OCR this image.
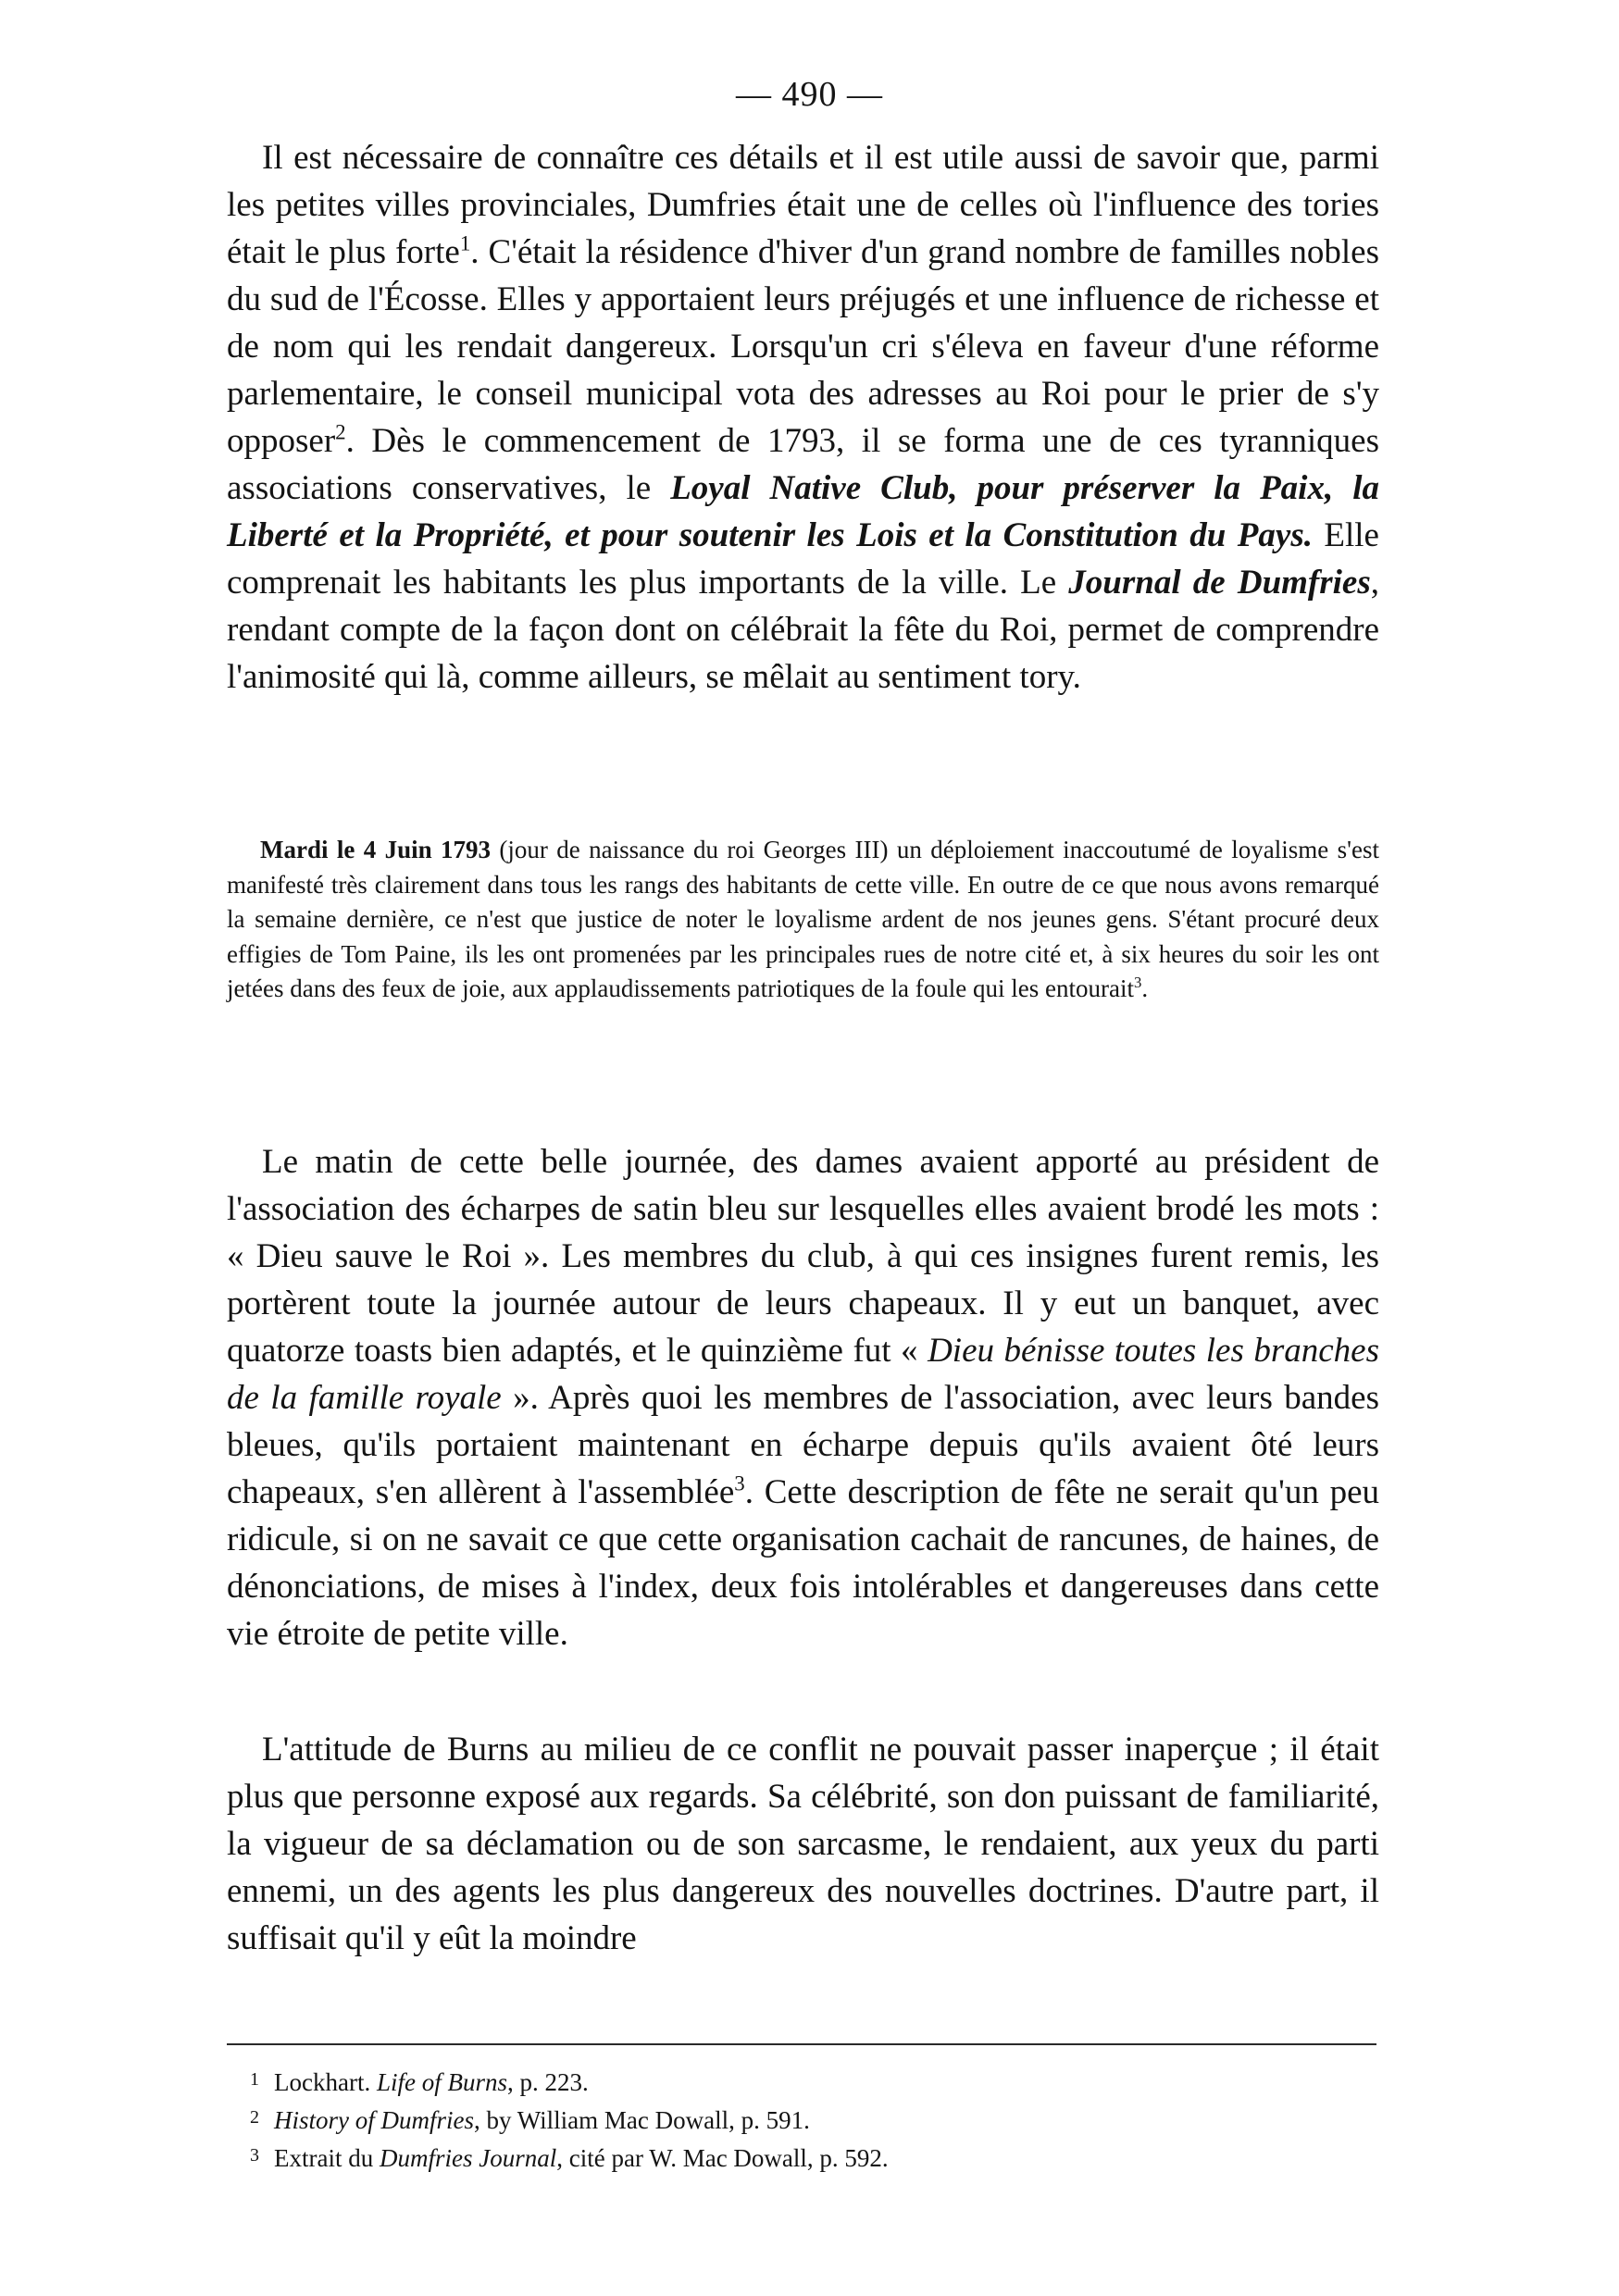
— 490 —

Il est nécessaire de connaître ces détails et il est utile aussi de savoir que, parmi les petites villes provinciales, Dumfries était une de celles où l'influence des tories était le plus forte$^1$. C'était la résidence d'hiver d'un grand nombre de familles nobles du sud de l'Écosse. Elles y apportaient leurs préjugés et une influence de richesse et de nom qui les rendait dangereux. Lorsqu'un cri s'éleva en faveur d'une réforme parlementaire, le conseil municipal vota des adresses au Roi pour le prier de s'y opposer$^2$. Dès le commencement de 1793, il se forma une de ces tyranniques associations conservatives, le Loyal Native Club, pour préserver la Paix, la Liberté et la Propriété, et pour soutenir les Lois et la Constitution du Pays. Elle comprenait les habitants les plus importants de la ville. Le Journal de Dumfries, rendant compte de la façon dont on célébrait la fête du Roi, permet de comprendre l'animosité qui là, comme ailleurs, se mêlait au sentiment tory.

Mardi le 4 Juin 1793 (jour de naissance du roi Georges III) un déploiement inaccoutumé de loyalisme s'est manifesté très clairement dans tous les rangs des habitants de cette ville. En outre de ce que nous avons remarqué la semaine dernière, ce n'est que justice de noter le loyalisme ardent de nos jeunes gens. S'étant procuré deux effigies de Tom Paine, ils les ont promenées par les principales rues de notre cité et, à six heures du soir les ont jetées dans des feux de joie, aux applaudissements patriotiques de la foule qui les entourait$^3$.

Le matin de cette belle journée, des dames avaient apporté au président de l'association des écharpes de satin bleu sur lesquelles elles avaient brodé les mots : « Dieu sauve le Roi ». Les membres du club, à qui ces insignes furent remis, les portèrent toute la journée autour de leurs chapeaux. Il y eut un banquet, avec quatorze toasts bien adaptés, et le quinzième fut « Dieu bénisse toutes les branches de la famille royale ». Après quoi les membres de l'association, avec leurs bandes bleues, qu'ils portaient maintenant en écharpe depuis qu'ils avaient ôté leurs chapeaux, s'en allèrent à l'assemblée$^3$. Cette description de fête ne serait qu'un peu ridicule, si on ne savait ce que cette organisation cachait de rancunes, de haines, de dénonciations, de mises à l'index, deux fois intolérables et dangereuses dans cette vie étroite de petite ville.

L'attitude de Burns au milieu de ce conflit ne pouvait passer inaperçue ; il était plus que personne exposé aux regards. Sa célébrité, son don puissant de familiarité, la vigueur de sa déclamation ou de son sarcasme, le rendaient, aux yeux du parti ennemi, un des agents les plus dangereux des nouvelles doctrines. D'autre part, il suffisait qu'il y eût la moindre

1 Lockhart. Life of Burns, p. 223.
2 History of Dumfries, by William Mac Dowall, p. 591.
3 Extrait du Dumfries Journal, cité par W. Mac Dowall, p. 592.
